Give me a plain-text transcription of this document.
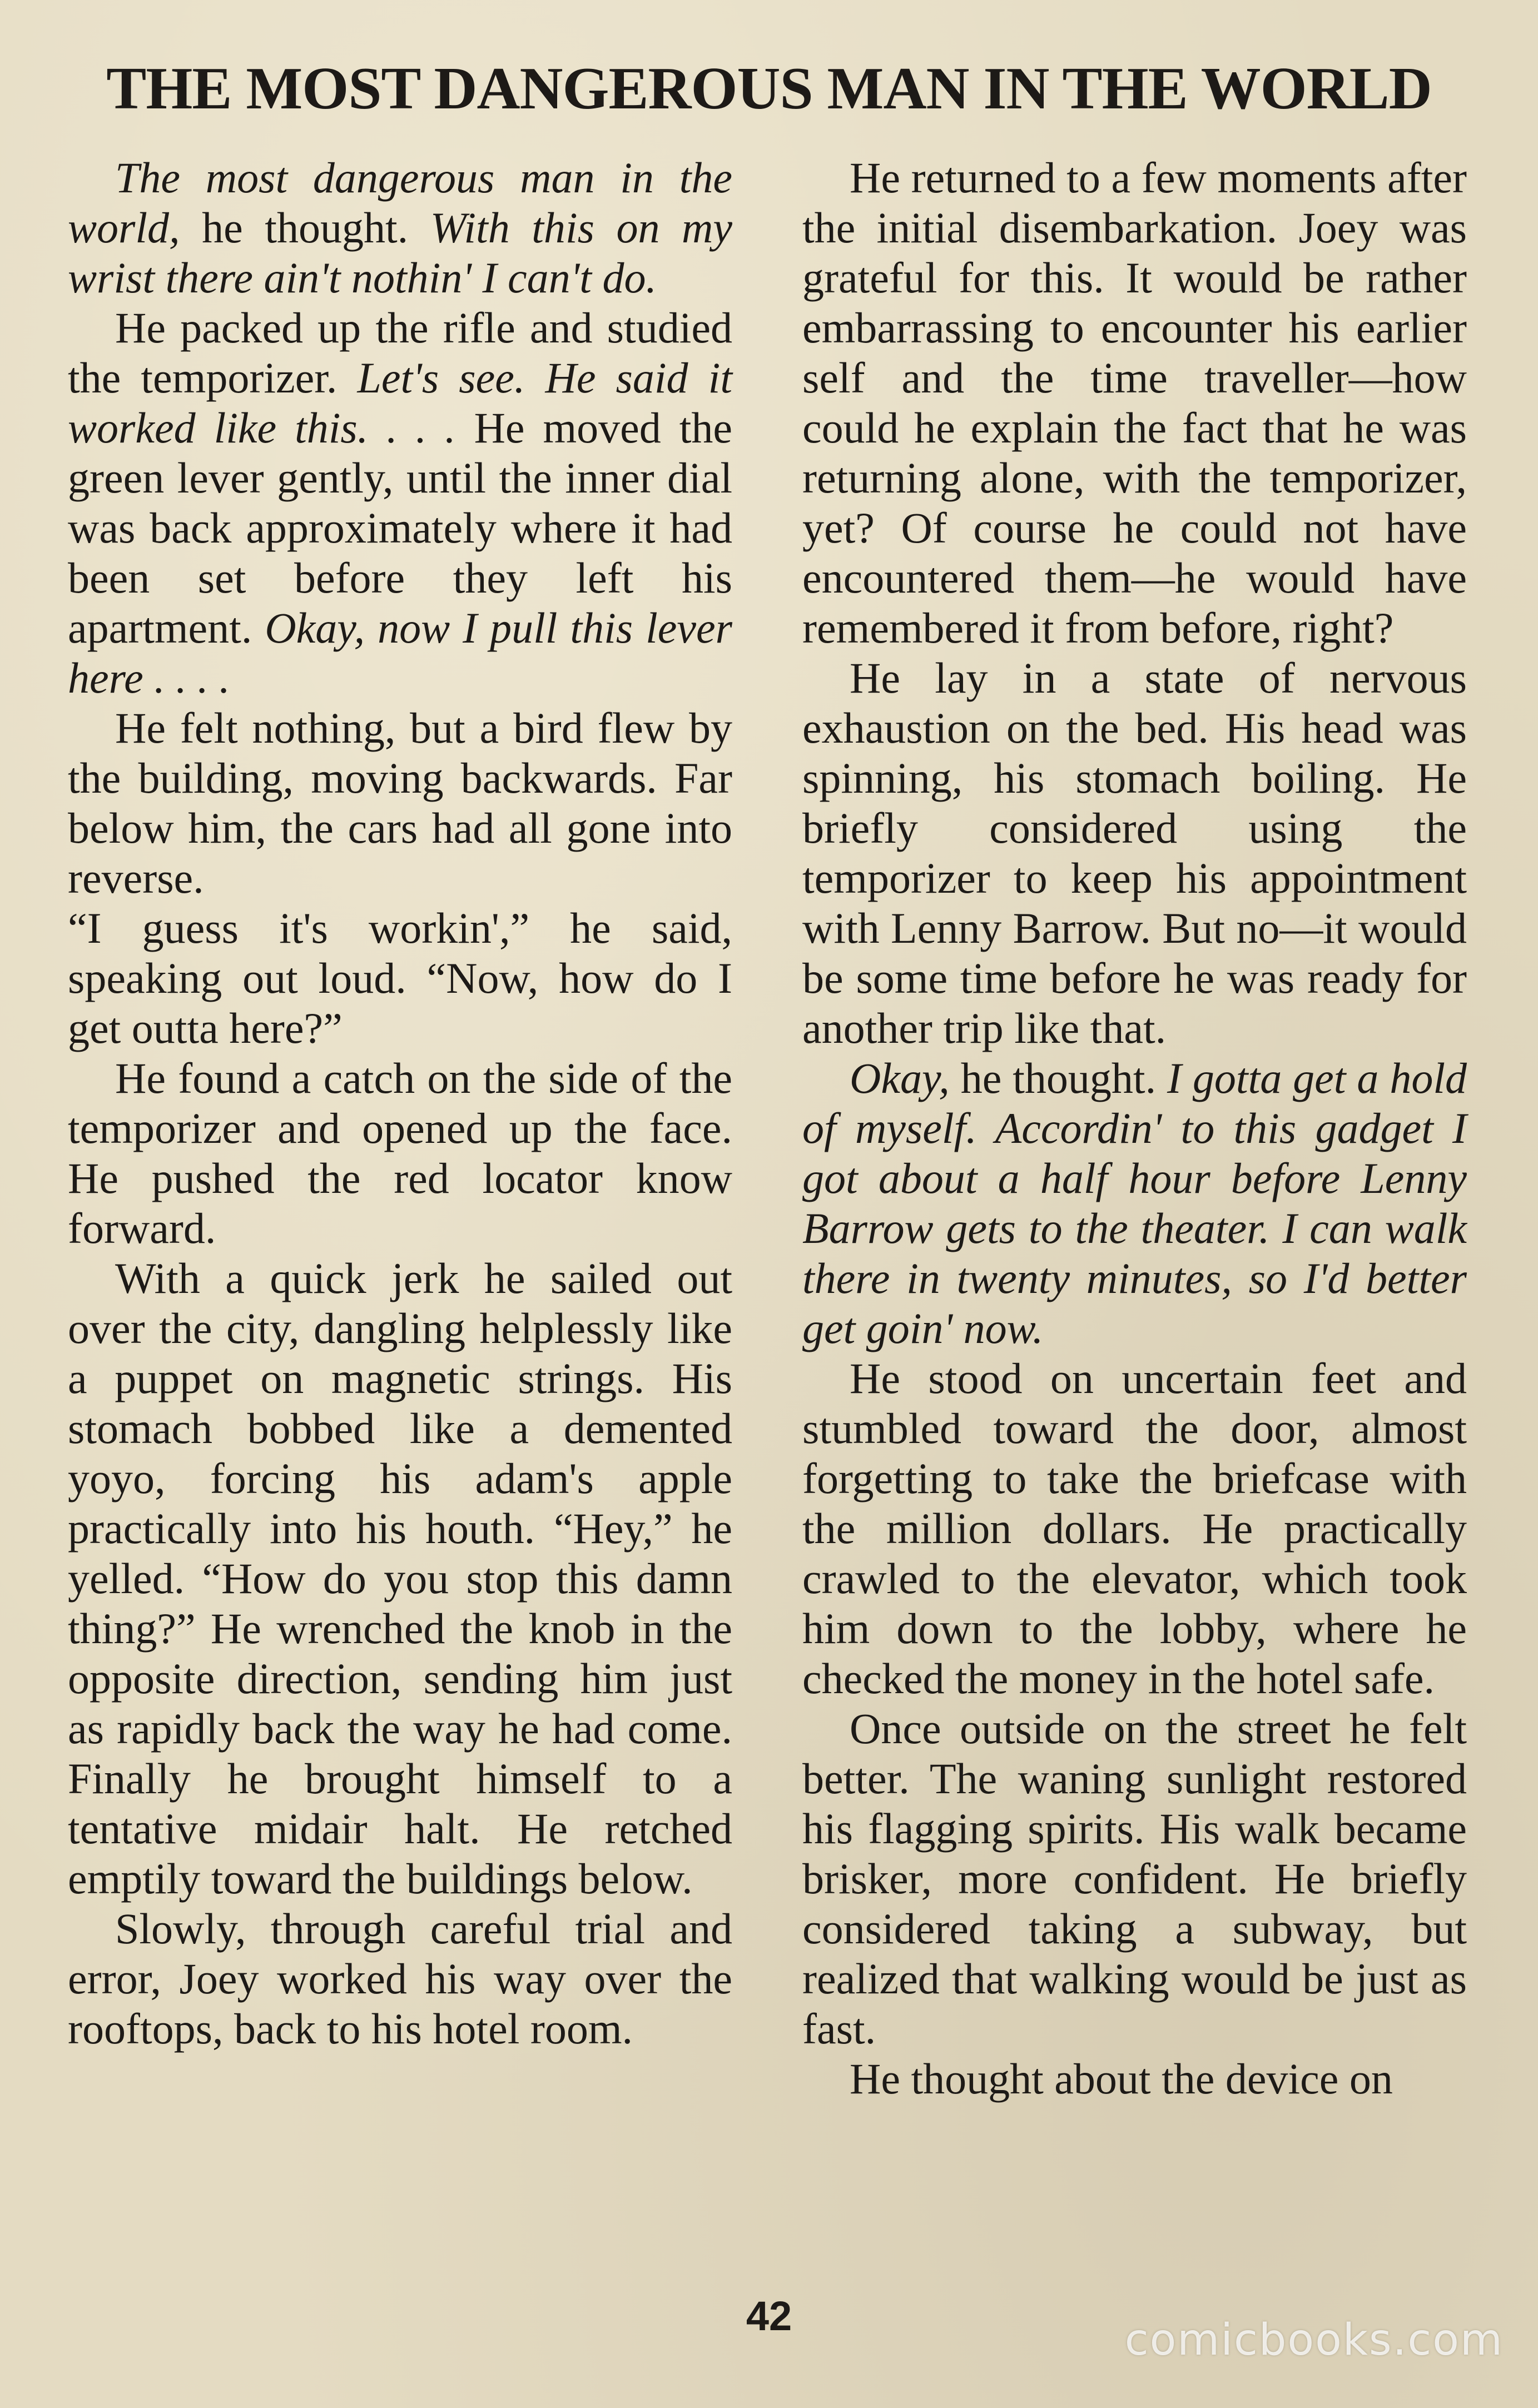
THE MOST DANGEROUS MAN IN THE WORLD

The most dangerous man in the world, he thought. With this on my wrist there ain't nothin' I can't do.

He packed up the rifle and studied the temporizer. Let's see. He said it worked like this. . . . He moved the green lever gently, until the inner dial was back approximately where it had been set before they left his apartment. Okay, now I pull this lever here . . . .

He felt nothing, but a bird flew by the building, moving backwards. Far below him, the cars had all gone into reverse.

“I guess it's workin',” he said, speaking out loud. “Now, how do I get outta here?”

He found a catch on the side of the temporizer and opened up the face. He pushed the red locator know forward.

With a quick jerk he sailed out over the city, dangling helplessly like a puppet on magnetic strings. His stomach bobbed like a demented yoyo, forcing his adam's apple practically into his houth. “Hey,” he yelled. “How do you stop this damn thing?” He wrenched the knob in the opposite direction, sending him just as rapidly back the way he had come. Finally he brought himself to a tentative midair halt. He retched emptily toward the buildings below.

Slowly, through careful trial and error, Joey worked his way over the rooftops, back to his hotel room.

He returned to a few moments after the initial disembarkation. Joey was grateful for this. It would be rather embarrassing to encounter his earlier self and the time traveller—how could he explain the fact that he was returning alone, with the temporizer, yet? Of course he could not have encountered them—he would have remembered it from before, right?

He lay in a state of nervous exhaustion on the bed. His head was spinning, his stomach boiling. He briefly considered using the temporizer to keep his appointment with Lenny Barrow. But no—it would be some time before he was ready for another trip like that.

Okay, he thought. I gotta get a hold of myself. Accordin' to this gadget I got about a half hour before Lenny Barrow gets to the theater. I can walk there in twenty minutes, so I'd better get goin' now.

He stood on uncertain feet and stumbled toward the door, almost forgetting to take the briefcase with the million dollars. He practically crawled to the elevator, which took him down to the lobby, where he checked the money in the hotel safe.

Once outside on the street he felt better. The waning sunlight restored his flagging spirits. His walk became brisker, more confident. He briefly considered taking a subway, but realized that walking would be just as fast.

He thought about the device on

42	comicbooks.com
